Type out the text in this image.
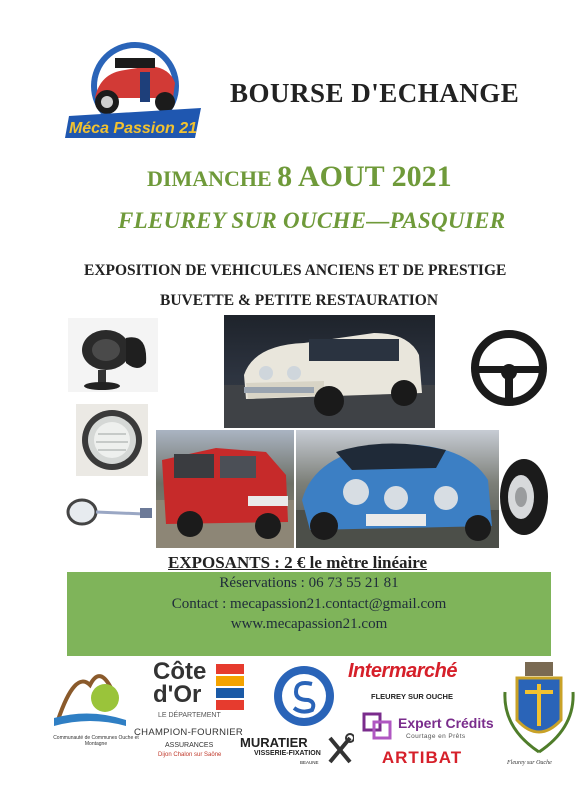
Méca Passion 21
BOURSE D'ECHANGE
DIMANCHE 8 AOUT 2021
FLEUREY SUR OUCHE—PASQUIER
EXPOSITION DE VEHICULES ANCIENS ET DE PRESTIGE
BUVETTE & PETITE RESTAURATION
EXPOSANTS : 2 € le mètre linéaire
Réservations : 06 73 55 21 81
Contact : mecapassion21.contact@gmail.com
www.mecapassion21.com
Communauté de Communes Ouche et Montagne
Côte d'Or
LE DÉPARTEMENT
CHAMPION-FOURNIER
ASSURANCES
Dijon Chalon sur Saône
MURATIER
VISSERIE-FIXATION
BEAUNE
Intermarché
FLEUREY SUR OUCHE
Expert Crédits
Courtage en Prêts
ARTIBAT	Fleurey sur Ouche
